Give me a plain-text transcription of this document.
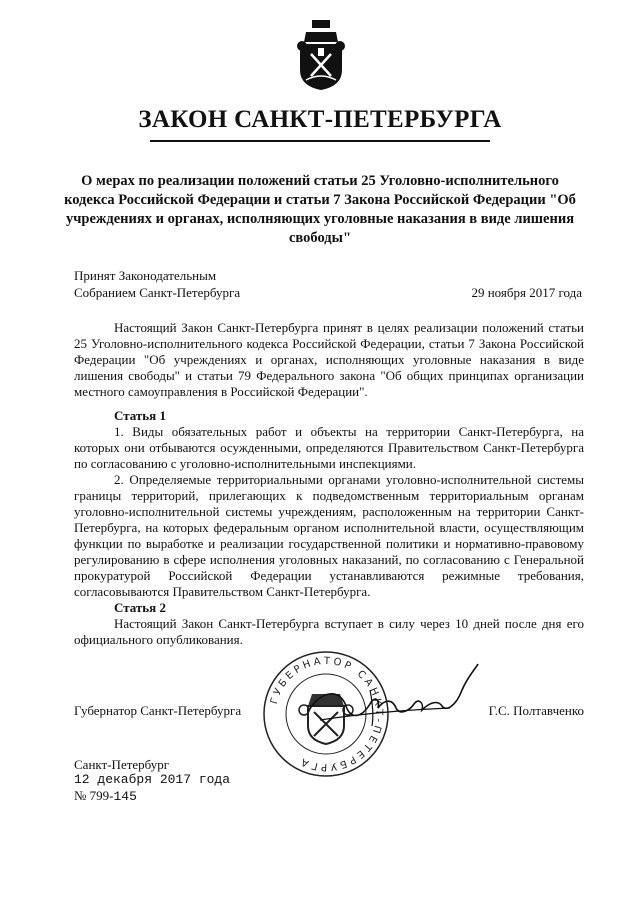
ЗАКОН САНКТ-ПЕТЕРБУРГА
О мерах по реализации положений статьи 25 Уголовно-исполнительного кодекса Российской Федерации и статьи 7 Закона Российской Федерации "Об учреждениях и органах, исполняющих уголовные наказания в виде лишения свободы"
Принят Законодательным
Собранием Санкт-Петербурга	29 ноября 2017 года

Настоящий Закон Санкт-Петербурга принят в целях реализации положений статьи 25 Уголовно-исполнительного кодекса Российской Федерации, статьи 7 Закона Российской Федерации "Об учреждениях и органах, исполняющих уголовные наказания в виде лишения свободы" и статьи 79 Федерального закона "Об общих принципах организации местного самоуправления в Российской Федерации".

Статья 1

1. Виды обязательных работ и объекты на территории Санкт-Петербурга, на которых они отбываются осужденными, определяются Правительством Санкт-Петербурга по согласованию с уголовно-исполнительными инспекциями.

2. Определяемые территориальными органами уголовно-исполнительной системы границы территорий, прилегающих к подведомственным территориальным органам уголовно-исполнительной системы учреждениям, расположенным на территории Санкт-Петербурга, на которых федеральным органом исполнительной власти, осуществляющим функции по выработке и реализации государственной политики и нормативно-правовому регулированию в сфере исполнения уголовных наказаний, по согласованию с Генеральной прокуратурой Российской Федерации устанавливаются режимные требования, согласовываются Правительством Санкт-Петербурга.

Статья 2

Настоящий Закон Санкт-Петербурга вступает в силу через 10 дней после дня его официального опубликования.

ГУБЕРНАТОР САНКТ-ПЕТЕРБУРГА
Губернатор Санкт-Петербурга	Г.С. Полтавченко
Санкт-Петербург
12 декабря 2017 года
№ 799-145
